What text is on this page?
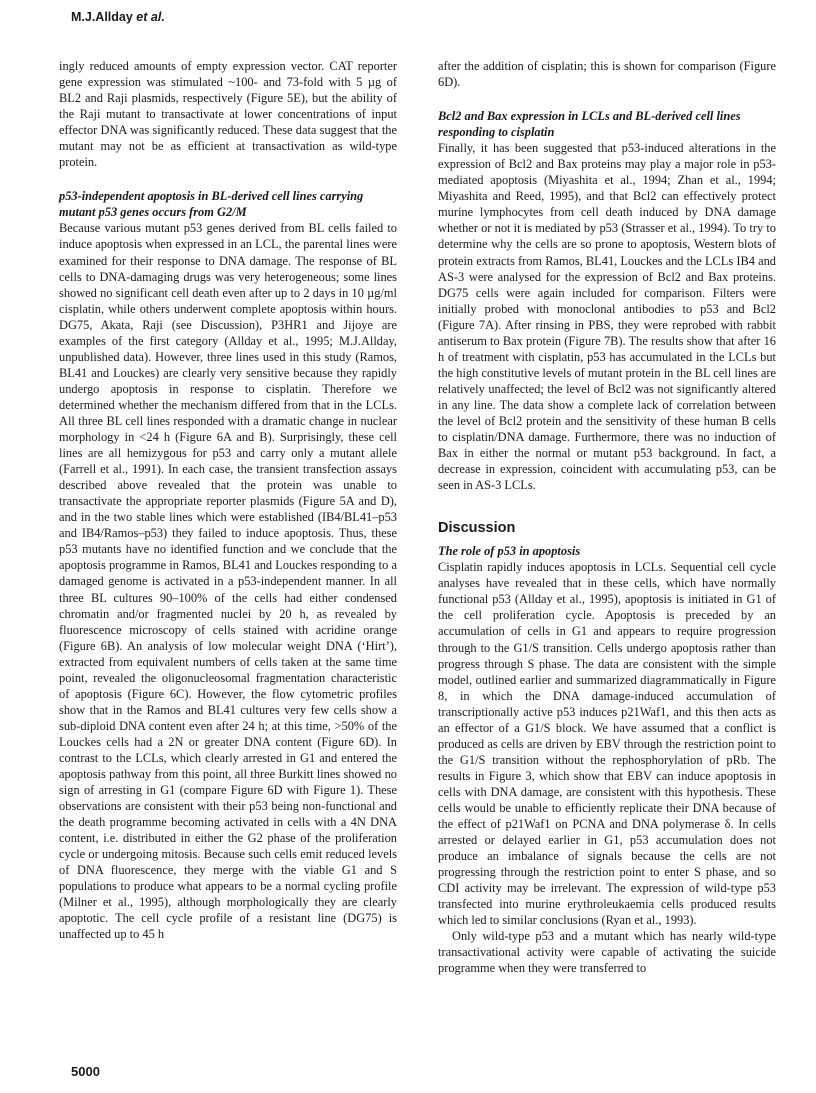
M.J.Allday et al.

ingly reduced amounts of empty expression vector. CAT reporter gene expression was stimulated ~100- and 73-fold with 5 µg of BL2 and Raji plasmids, respectively (Figure 5E), but the ability of the Raji mutant to transactivate at lower concentrations of input effector DNA was significantly reduced. These data suggest that the mutant may not be as efficient at transactivation as wild-type protein.

p53-independent apoptosis in BL-derived cell lines carrying mutant p53 genes occurs from G2/M

Because various mutant p53 genes derived from BL cells failed to induce apoptosis when expressed in an LCL, the parental lines were examined for their response to DNA damage. The response of BL cells to DNA-damaging drugs was very heterogeneous; some lines showed no significant cell death even after up to 2 days in 10 µg/ml cisplatin, while others underwent complete apoptosis within hours. DG75, Akata, Raji (see Discussion), P3HR1 and Jijoye are examples of the first category (Allday et al., 1995; M.J.Allday, unpublished data). However, three lines used in this study (Ramos, BL41 and Louckes) are clearly very sensitive because they rapidly undergo apoptosis in response to cisplatin. Therefore we determined whether the mechanism differed from that in the LCLs. All three BL cell lines responded with a dramatic change in nuclear morphology in <24 h (Figure 6A and B). Surprisingly, these cell lines are all hemizygous for p53 and carry only a mutant allele (Farrell et al., 1991). In each case, the transient transfection assays described above revealed that the protein was unable to transactivate the appropriate reporter plasmids (Figure 5A and D), and in the two stable lines which were established (IB4/BL41–p53 and IB4/Ramos–p53) they failed to induce apoptosis. Thus, these p53 mutants have no identified function and we conclude that the apoptosis programme in Ramos, BL41 and Louckes responding to a damaged genome is activated in a p53-independent manner. In all three BL cultures 90–100% of the cells had either condensed chromatin and/or fragmented nuclei by 20 h, as revealed by fluorescence microscopy of cells stained with acridine orange (Figure 6B). An analysis of low molecular weight DNA (‘Hirt’), extracted from equivalent numbers of cells taken at the same time point, revealed the oligonucleosomal fragmentation characteristic of apoptosis (Figure 6C). However, the flow cytometric profiles show that in the Ramos and BL41 cultures very few cells show a sub-diploid DNA content even after 24 h; at this time, >50% of the Louckes cells had a 2N or greater DNA content (Figure 6D). In contrast to the LCLs, which clearly arrested in G1 and entered the apoptosis pathway from this point, all three Burkitt lines showed no sign of arresting in G1 (compare Figure 6D with Figure 1). These observations are consistent with their p53 being non-functional and the death programme becoming activated in cells with a 4N DNA content, i.e. distributed in either the G2 phase of the proliferation cycle or undergoing mitosis. Because such cells emit reduced levels of DNA fluorescence, they merge with the viable G1 and S populations to produce what appears to be a normal cycling profile (Milner et al., 1995), although morphologically they are clearly apoptotic. The cell cycle profile of a resistant line (DG75) is unaffected up to 45 h

after the addition of cisplatin; this is shown for comparison (Figure 6D).

Bcl2 and Bax expression in LCLs and BL-derived cell lines responding to cisplatin

Finally, it has been suggested that p53-induced alterations in the expression of Bcl2 and Bax proteins may play a major role in p53-mediated apoptosis (Miyashita et al., 1994; Zhan et al., 1994; Miyashita and Reed, 1995), and that Bcl2 can effectively protect murine lymphocytes from cell death induced by DNA damage whether or not it is mediated by p53 (Strasser et al., 1994). To try to determine why the cells are so prone to apoptosis, Western blots of protein extracts from Ramos, BL41, Louckes and the LCLs IB4 and AS-3 were analysed for the expression of Bcl2 and Bax proteins. DG75 cells were again included for comparison. Filters were initially probed with monoclonal antibodies to p53 and Bcl2 (Figure 7A). After rinsing in PBS, they were reprobed with rabbit antiserum to Bax protein (Figure 7B). The results show that after 16 h of treatment with cisplatin, p53 has accumulated in the LCLs but the high constitutive levels of mutant protein in the BL cell lines are relatively unaffected; the level of Bcl2 was not significantly altered in any line. The data show a complete lack of correlation between the level of Bcl2 protein and the sensitivity of these human B cells to cisplatin/DNA damage. Furthermore, there was no induction of Bax in either the normal or mutant p53 background. In fact, a decrease in expression, coincident with accumulating p53, can be seen in AS-3 LCLs.

Discussion
The role of p53 in apoptosis

Cisplatin rapidly induces apoptosis in LCLs. Sequential cell cycle analyses have revealed that in these cells, which have normally functional p53 (Allday et al., 1995), apoptosis is initiated in G1 of the cell proliferation cycle. Apoptosis is preceded by an accumulation of cells in G1 and appears to require progression through to the G1/S transition. Cells undergo apoptosis rather than progress through S phase. The data are consistent with the simple model, outlined earlier and summarized diagrammatically in Figure 8, in which the DNA damage-induced accumulation of transcriptionally active p53 induces p21Waf1, and this then acts as an effector of a G1/S block. We have assumed that a conflict is produced as cells are driven by EBV through the restriction point to the G1/S transition without the rephosphorylation of pRb. The results in Figure 3, which show that EBV can induce apoptosis in cells with DNA damage, are consistent with this hypothesis. These cells would be unable to efficiently replicate their DNA because of the effect of p21Waf1 on PCNA and DNA polymerase δ. In cells arrested or delayed earlier in G1, p53 accumulation does not produce an imbalance of signals because the cells are not progressing through the restriction point to enter S phase, and so CDI activity may be irrelevant. The expression of wild-type p53 transfected into murine erythroleukaemia cells produced results which led to similar conclusions (Ryan et al., 1993).

Only wild-type p53 and a mutant which has nearly wild-type transactivational activity were capable of activating the suicide programme when they were transferred to

5000
